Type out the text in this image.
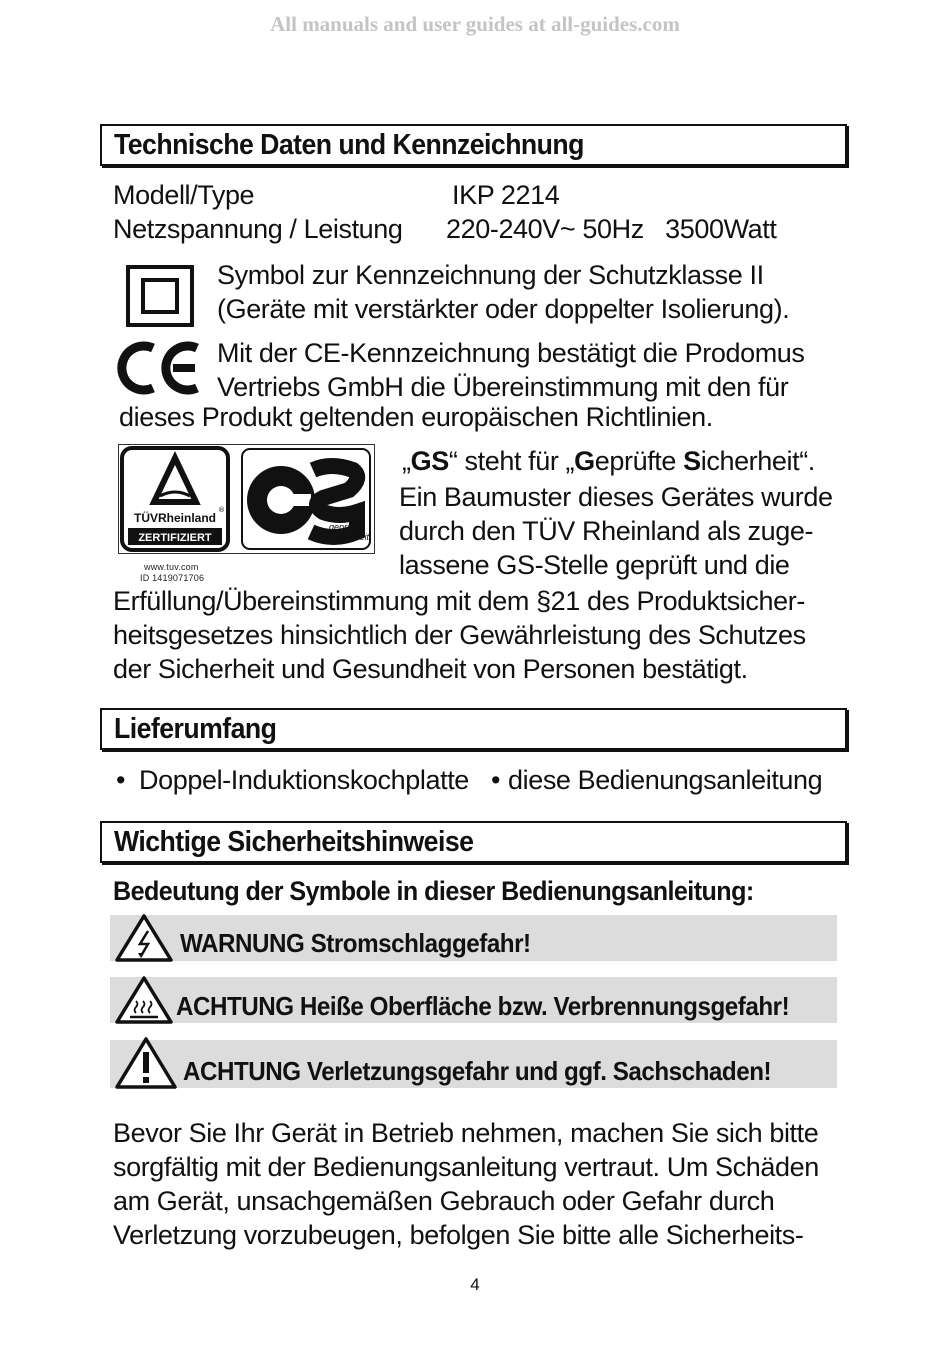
All manuals and user guides at all-guides.com
Technische Daten und Kennzeichnung
Modell/Type	IKP 2214
Netzspannung / Leistung 220-240V~ 50Hz   3500Watt

Symbol zur Kennzeichnung der Schutzklasse II

(Geräte mit verstärkter oder doppelter Isolierung).

Mit der CE-Kennzeichnung bestätigt die Prodomus

Vertriebs GmbH die Übereinstimmung mit den für

dieses Produkt geltenden europäischen Richtlinien.
®
TÜVRheinland
ZERTIFIZIERT
geprüfte
Sicherheit
www.tuv.com
ID 1419071706
„GS“ steht für „Geprüfte Sicherheit“.

Ein Baumuster dieses Gerätes wurde

durch den TÜV Rheinland als zuge-

lassene GS-Stelle geprüft und die

Erfüllung/Übereinstimmung mit dem §21 des Produktsicher-

heitsgesetzes hinsichtlich der Gewährleistung des Schutzes

der Sicherheit und Gesundheit von Personen bestätigt.

Lieferumfang
• Doppel-Induktionskochplatte • diese Bedienungsanleitung
Wichtige Sicherheitshinweise
Bedeutung der Symbole in dieser Bedienungsanleitung:
WARNUNG Stromschlaggefahr!
ACHTUNG Heiße Oberfläche bzw. Verbrennungsgefahr!
ACHTUNG Verletzungsgefahr und ggf. Sachschaden!

Bevor Sie Ihr Gerät in Betrieb nehmen, machen Sie sich bitte

sorgfältig mit der Bedienungsanleitung vertraut. Um Schäden

am Gerät, unsachgemäßen Gebrauch oder Gefahr durch

Verletzung vorzubeugen, befolgen Sie bitte alle Sicherheits-

4
